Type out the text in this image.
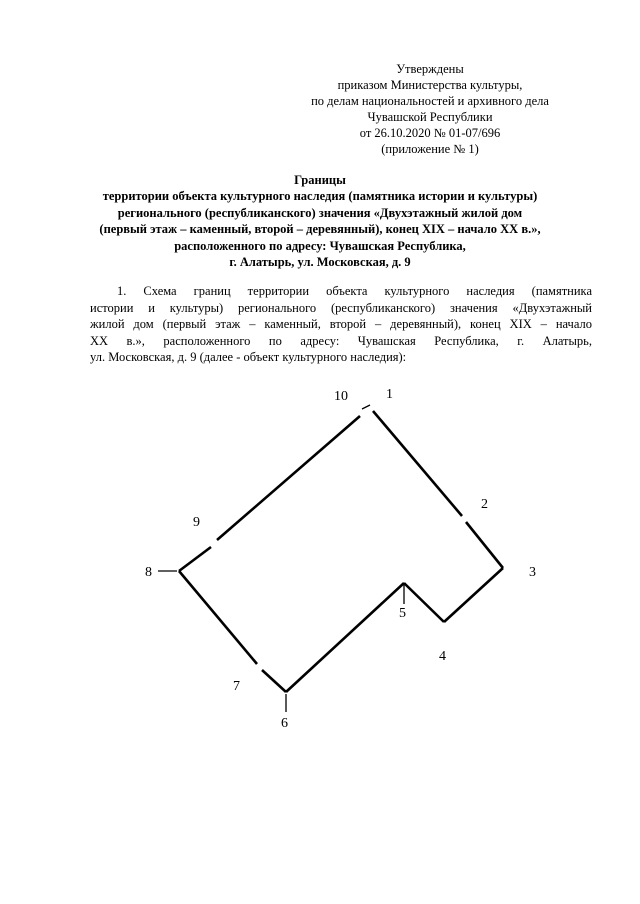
Утверждены
приказом Министерства культуры,
по делам национальностей и архивного дела
Чувашской Республики
от 26.10.2020 № 01-07/696
(приложение № 1)
Границы
территории объекта культурного наследия (памятника истории и культуры)
регионального (республиканского) значения «Двухэтажный жилой дом
(первый этаж – каменный, второй – деревянный), конец XIX – начало XX в.»,
расположенного по адресу: Чувашская Республика,
г. Алатырь, ул. Московская, д. 9
1. Схема границ территории объекта культурного наследия (памятника
истории и культуры) регионального (республиканского) значения «Двухэтажный
жилой дом (первый этаж – каменный, второй – деревянный), конец XIX – начало
XX в.», расположенного по адресу: Чувашская Республика, г. Алатырь,
ул. Московская, д. 9 (далее - объект культурного наследия):
1
2
3
4
5
6
7
8
9
10
